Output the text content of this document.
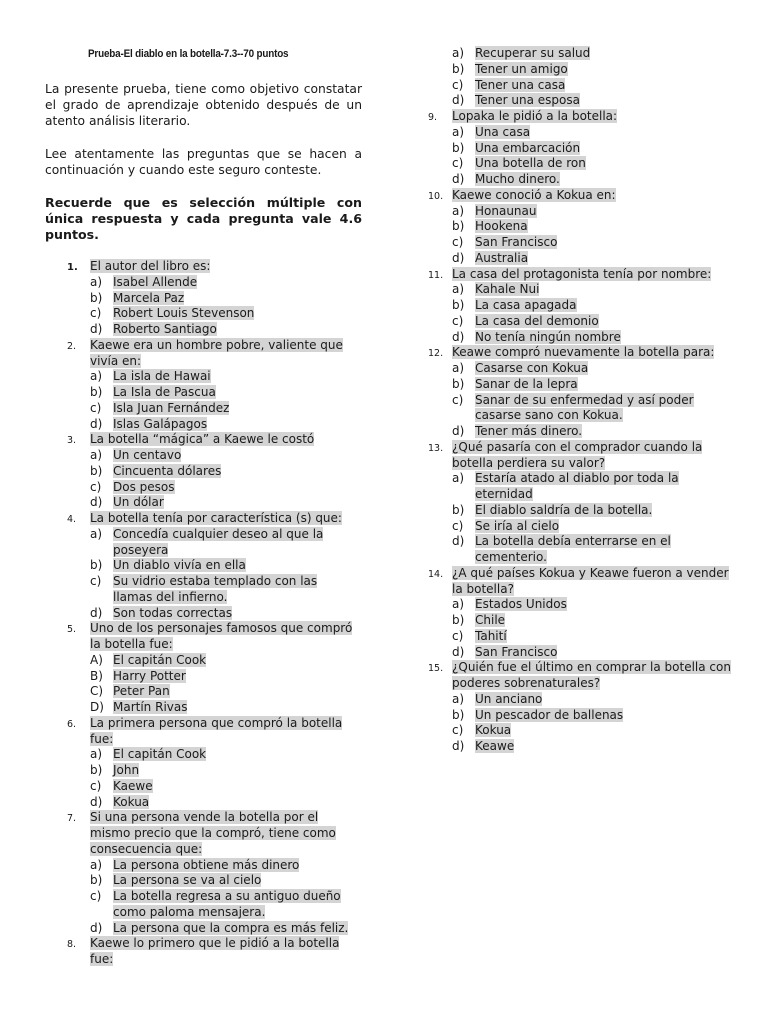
Prueba-El diablo en la botella-7.3--70 puntos
La presente prueba, tiene como objetivo constatar el grado de aprendizaje obtenido después de un atento análisis literario.
Lee atentamente las preguntas que se hacen a continuación y cuando este seguro conteste.
Recuerde que es selección múltiple con única respuesta y cada pregunta vale 4.6 puntos.
1. El autor del libro es:
a) Isabel Allende
b) Marcela Paz
c) Robert Louis Stevenson
d) Roberto Santiago
2. Kaewe era un hombre pobre, valiente que vivía en:
a) La isla de Hawai
b) La Isla de Pascua
c) Isla Juan Fernández
d) Islas Galápagos
3. La botella “mágica” a Kaewe le costó
a) Un centavo
b) Cincuenta dólares
c) Dos pesos
d) Un dólar
4. La botella tenía por característica (s) que:
a) Concedía cualquier deseo al que la poseyera
b) Un diablo vivía en ella
c) Su vidrio estaba templado con las llamas del infierno.
d) Son todas correctas
5. Uno de los personajes famosos que compró la botella fue:
A) El capitán Cook
B) Harry Potter
C) Peter Pan
D) Martín Rivas
6. La primera persona que compró la botella fue:
a) El capitán Cook
b) John
c) Kaewe
d) Kokua
7. Si una persona vende la botella por el mismo precio que la compró, tiene como consecuencia que:
a) La persona obtiene más dinero
b) La persona se va al cielo
c) La botella regresa a su antiguo dueño como paloma mensajera.
d) La persona que la compra es más feliz.
8. Kaewe lo primero que le pidió a la botella fue:
a) Recuperar su salud
b) Tener un amigo
c) Tener una casa
d) Tener una esposa
9. Lopaka le pidió a la botella:
a) Una casa
b) Una embarcación
c) Una botella de ron
d) Mucho dinero.
10. Kaewe conoció a Kokua en:
a) Honaunau
b) Hookena
c) San Francisco
d) Australia
11. La casa del protagonista tenía por nombre:
a) Kahale Nui
b) La casa apagada
c) La casa del demonio
d) No tenía ningún nombre
12. Keawe compró nuevamente la botella para:
a) Casarse con Kokua
b) Sanar de la lepra
c) Sanar de su enfermedad y así poder casarse sano con Kokua.
d) Tener más dinero.
13. ¿Qué pasaría con el comprador cuando la botella perdiera su valor?
a) Estaría atado al diablo por toda la eternidad
b) El diablo saldría de la botella.
c) Se iría al cielo
d) La botella debía enterrarse en el cementerio.
14. ¿A qué países Kokua y Keawe fueron a vender la botella?
a) Estados Unidos
b) Chile
c) Tahití
d) San Francisco
15. ¿Quién fue el último en comprar la botella con poderes sobrenaturales?
a) Un anciano
b) Un pescador de ballenas
c) Kokua
d) Keawe
